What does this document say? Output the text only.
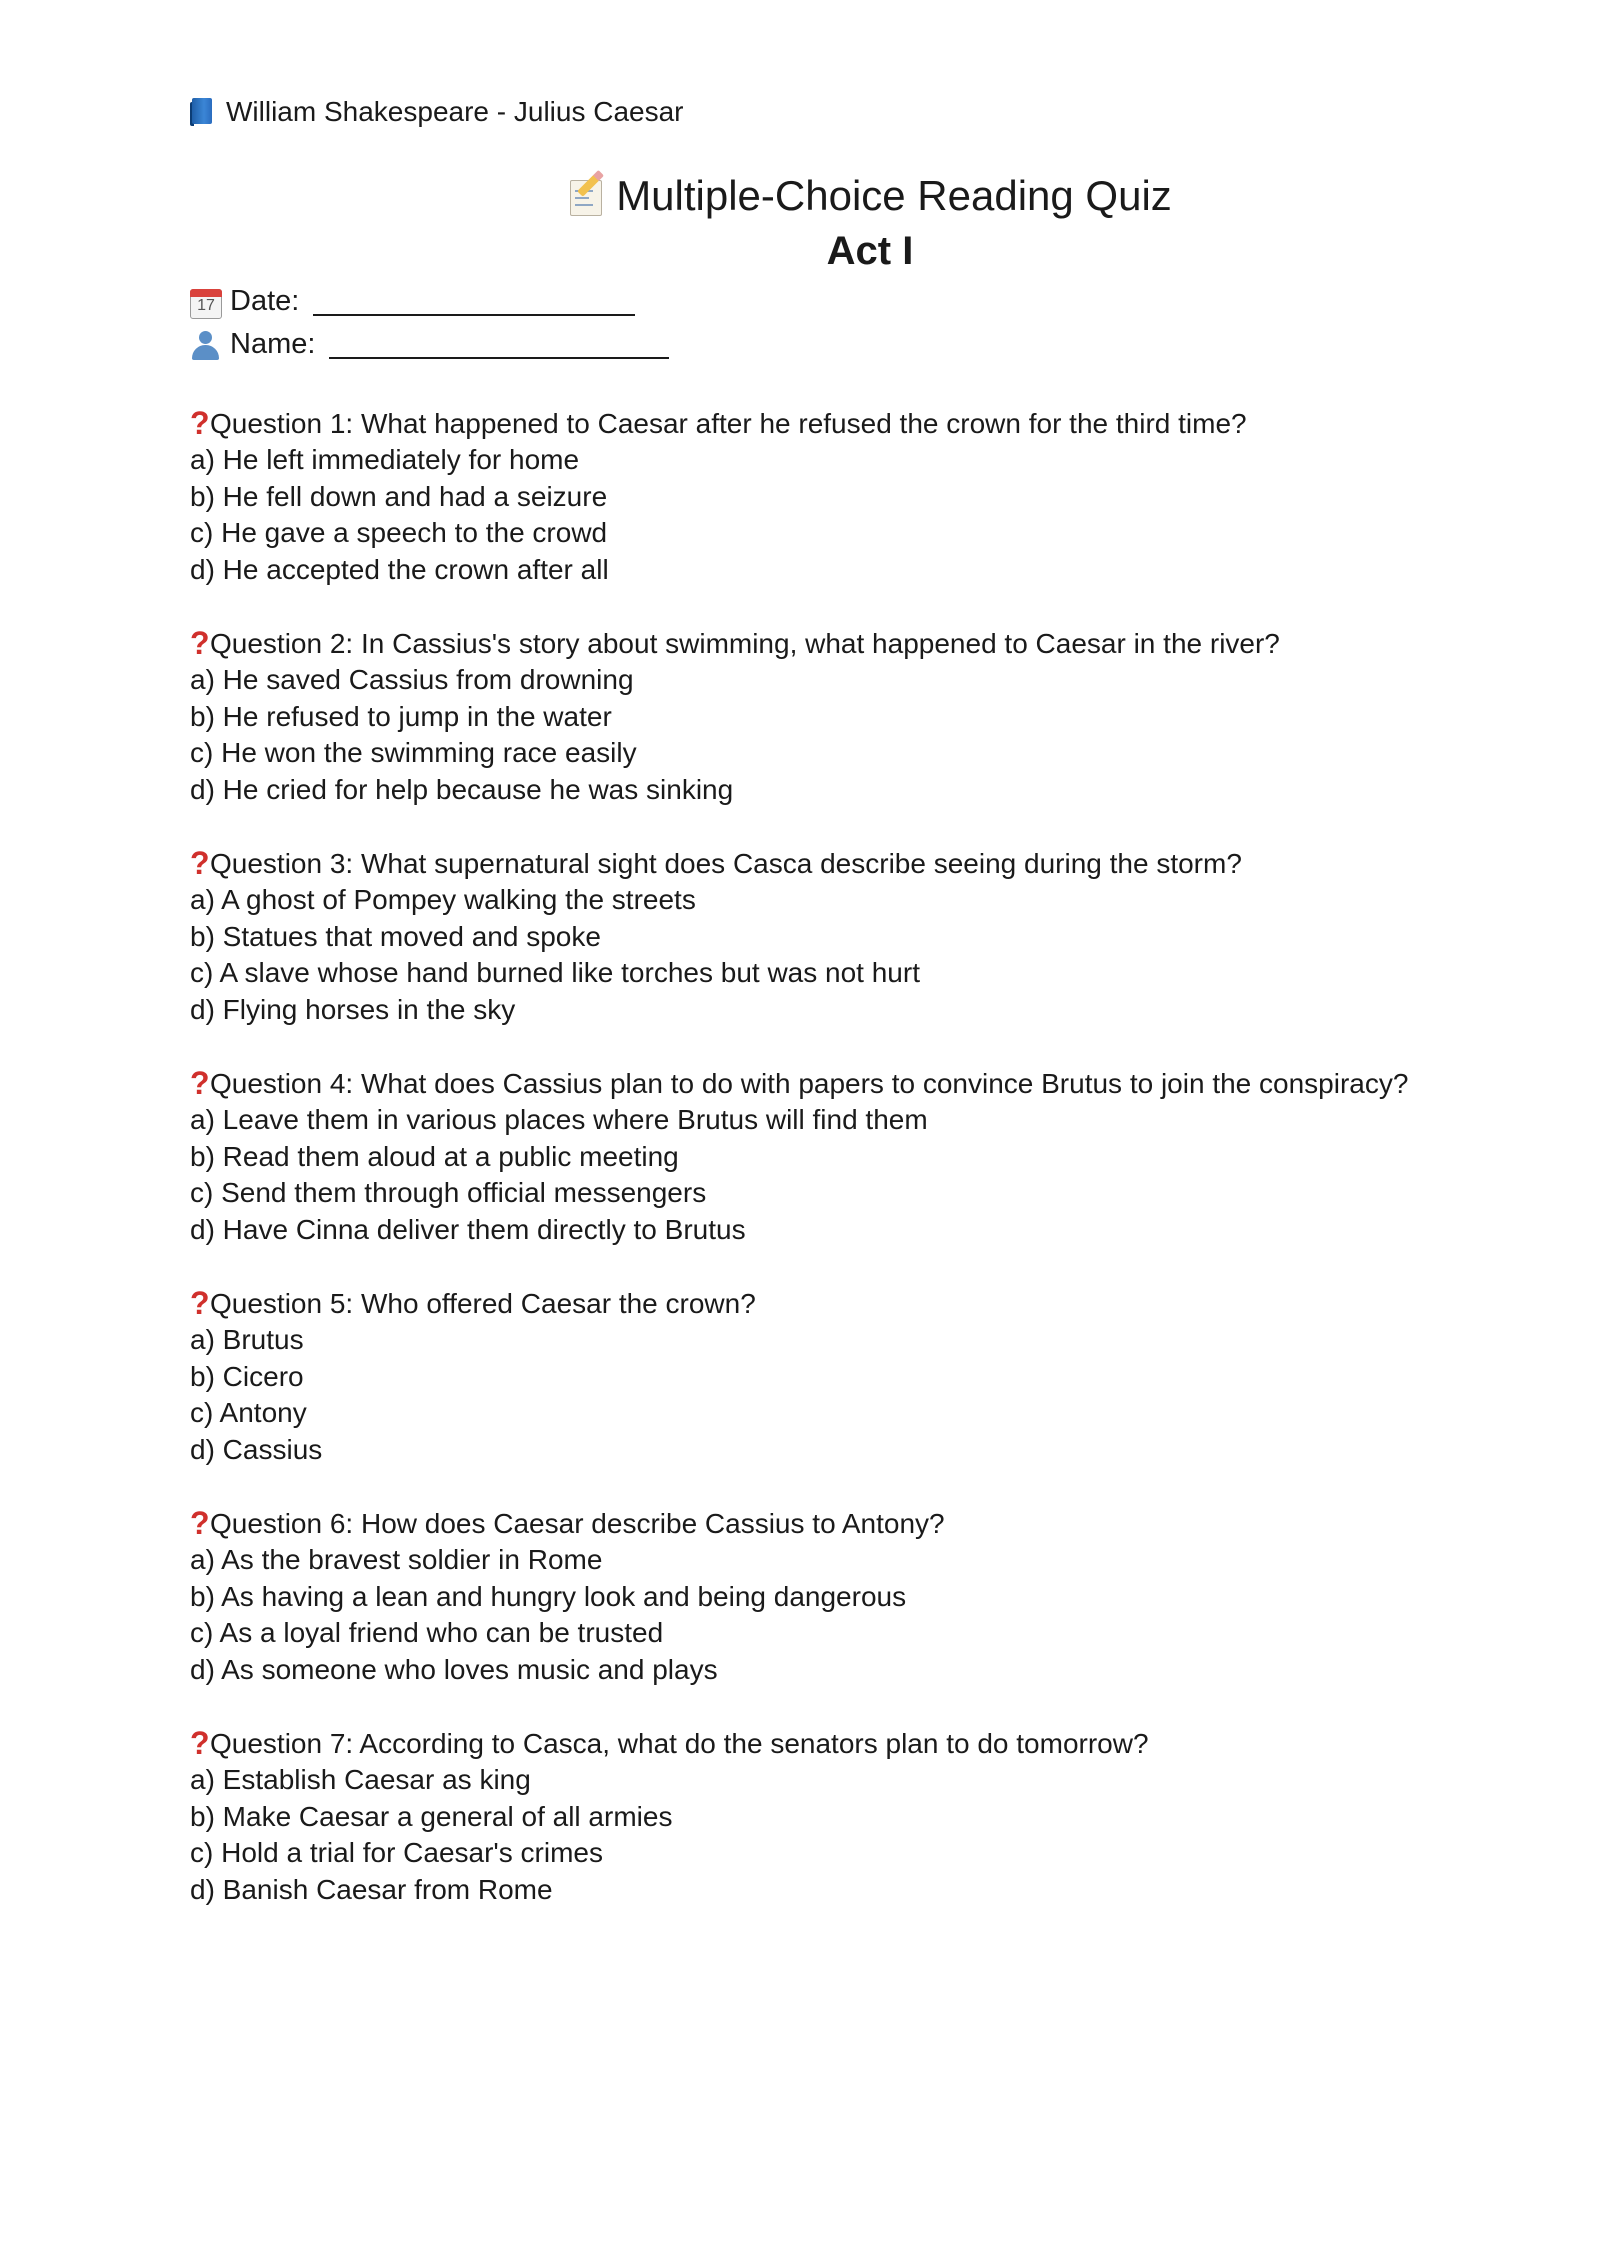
William Shakespeare - Julius Caesar
Multiple-Choice Reading Quiz
Act I
17 Date:
Name:
? Question 1: What happened to Caesar after he refused the crown for the third time?
a) He left immediately for home
b) He fell down and had a seizure
c) He gave a speech to the crowd
d) He accepted the crown after all
? Question 2: In Cassius's story about swimming, what happened to Caesar in the river?
a) He saved Cassius from drowning
b) He refused to jump in the water
c) He won the swimming race easily
d) He cried for help because he was sinking
? Question 3: What supernatural sight does Casca describe seeing during the storm?
a) A ghost of Pompey walking the streets
b) Statues that moved and spoke
c) A slave whose hand burned like torches but was not hurt
d) Flying horses in the sky
? Question 4: What does Cassius plan to do with papers to convince Brutus to join the conspiracy?
a) Leave them in various places where Brutus will find them
b) Read them aloud at a public meeting
c) Send them through official messengers
d) Have Cinna deliver them directly to Brutus
? Question 5: Who offered Caesar the crown?
a) Brutus
b) Cicero
c) Antony
d) Cassius
? Question 6: How does Caesar describe Cassius to Antony?
a) As the bravest soldier in Rome
b) As having a lean and hungry look and being dangerous
c) As a loyal friend who can be trusted
d) As someone who loves music and plays
? Question 7: According to Casca, what do the senators plan to do tomorrow?
a) Establish Caesar as king
b) Make Caesar a general of all armies
c) Hold a trial for Caesar's crimes
d) Banish Caesar from Rome
